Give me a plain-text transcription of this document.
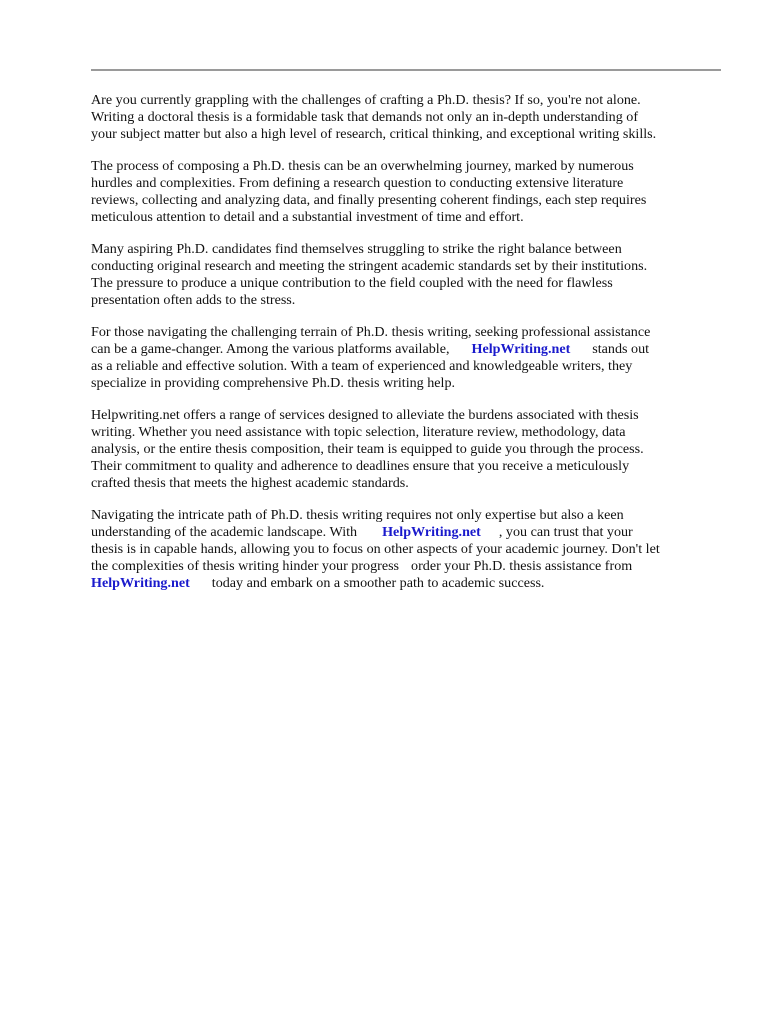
Are you currently grappling with the challenges of crafting a Ph.D. thesis? If so, you're not alone.
Writing a doctoral thesis is a formidable task that demands not only an in-depth understanding of
your subject matter but also a high level of research, critical thinking, and exceptional writing skills.

The process of composing a Ph.D. thesis can be an overwhelming journey, marked by numerous
hurdles and complexities. From defining a research question to conducting extensive literature
reviews, collecting and analyzing data, and finally presenting coherent findings, each step requires
meticulous attention to detail and a substantial investment of time and effort.

Many aspiring Ph.D. candidates find themselves struggling to strike the right balance between
conducting original research and meeting the stringent academic standards set by their institutions.
The pressure to produce a unique contribution to the field coupled with the need for flawless
presentation often adds to the stress.

For those navigating the challenging terrain of Ph.D. thesis writing, seeking professional assistance
can be a game-changer. Among the various platforms available, HelpWriting.net stands out
as a reliable and effective solution. With a team of experienced and knowledgeable writers, they
specialize in providing comprehensive Ph.D. thesis writing help.

Helpwriting.net offers a range of services designed to alleviate the burdens associated with thesis
writing. Whether you need assistance with topic selection, literature review, methodology, data
analysis, or the entire thesis composition, their team is equipped to guide you through the process.
Their commitment to quality and adherence to deadlines ensure that you receive a meticulously
crafted thesis that meets the highest academic standards.

Navigating the intricate path of Ph.D. thesis writing requires not only expertise but also a keen
understanding of the academic landscape. With HelpWriting.net , you can trust that your
thesis is in capable hands, allowing you to focus on other aspects of your academic journey. Don't let
the complexities of thesis writing hinder your progress order your Ph.D. thesis assistance from
HelpWriting.net today and embark on a smoother path to academic success.
